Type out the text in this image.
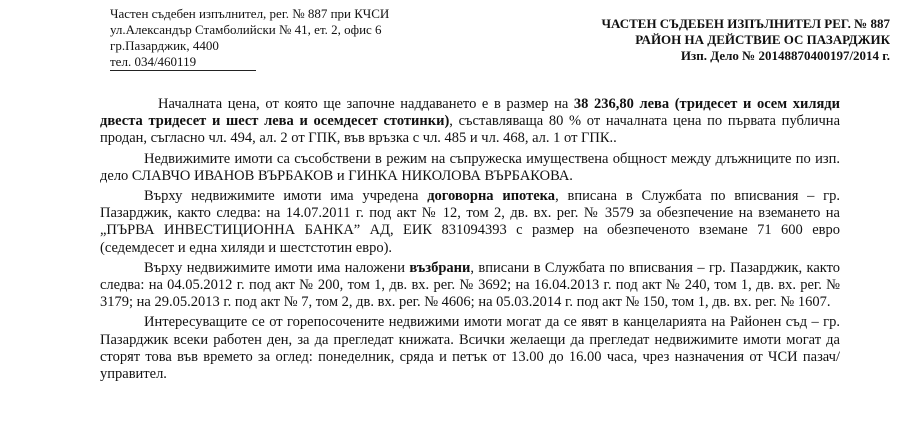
Частен съдебен изпълнител, рег. № 887 при КЧСИ
ул.Александър Стамболийски № 41, ет. 2, офис 6
гр.Пазарджик, 4400
тел. 034/460119
ЧАСТЕН СЪДЕБЕН ИЗПЪЛНИТЕЛ РЕГ. № 887
РАЙОН НА ДЕЙСТВИЕ ОС ПАЗАРДЖИК
Изп. Дело № 20148870400197/2014 г.

Началната цена, от която ще започне наддаването е в размер на 38 236,80 лева (тридесет и осем хиляди двеста тридесет и шест лева и осемдесет стотинки), съставляваща 80 % от началната цена по първата публична продан, съгласно чл. 494, ал. 2 от ГПК, във връзка с чл. 485 и чл. 468, ал. 1 от ГПК..

Недвижимите имоти са съсобствени в режим на съпружеска имуществена общност между длъжниците по изп. дело СЛАВЧО ИВАНОВ ВЪРБАКОВ и ГИНКА НИКОЛОВА ВЪРБАКОВА.

Върху недвижимите имоти има учредена договорна ипотека, вписана в Службата по вписвания – гр. Пазарджик, както следва: на 14.07.2011 г. под акт № 12, том 2, дв. вх. рег. № 3579 за обезпечение на вземането на „ПЪРВА ИНВЕСТИЦИОННА БАНКА” АД, ЕИК 831094393 с размер на обезпеченото вземане 71 600 евро (седемдесет и една хиляди и шестстотин евро).

Върху недвижимите имоти има наложени възбрани, вписани в Службата по вписвания – гр. Пазарджик, както следва: на 04.05.2012 г. под акт № 200, том 1, дв. вх. рег. № 3692; на 16.04.2013 г. под акт № 240, том 1, дв. вх. рег. № 3179; на 29.05.2013 г. под акт № 7, том 2, дв. вх. рег. № 4606; на 05.03.2014 г. под акт № 150, том 1, дв. вх. рег. № 1607.

Интересуващите се от горепосочените недвижими имоти могат да се явят в канцеларията на Районен съд – гр. Пазарджик всеки работен ден, за да прегледат книжата. Всички желаещи да прегледат недвижимите имоти могат да сторят това във времето за оглед: понеделник, сряда и петък от 13.00 до 16.00 часа, чрез назначения от ЧСИ пазач/управител.
